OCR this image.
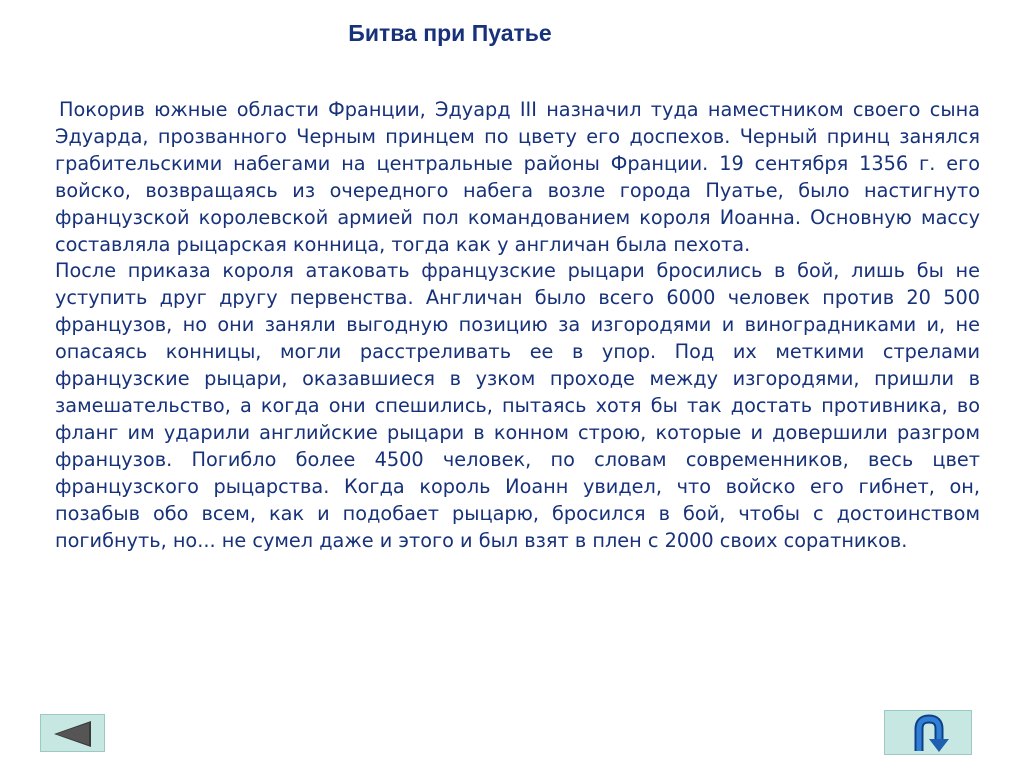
Битва при Пуатье

Покорив южные области Франции, Эдуард III назначил туда наместником своего сына Эдуарда, прозванного Черным принцем по цвету его доспехов. Черный принц занялся грабительскими набегами на центральные районы Франции. 19 сентября 1356 г. его войско, возвращаясь из очередного набега возле города Пуатье, было настигнуто французской королевской армией пол командованием короля Иоанна. Основную массу составляла рыцарская конница, тогда как у англичан была пехота.

После приказа короля атаковать французские рыцари бросились в бой, лишь бы не уступить друг другу первенства. Англичан было всего 6000 человек против 20 500 французов, но они заняли выгодную позицию за изгородями и виноградниками и, не опасаясь конницы, могли расстреливать ее в упор. Под их меткими стрелами французские рыцари, оказавшиеся в узком проходе между изгородями, пришли в замешательство, а когда они спешились, пытаясь хотя бы так достать противника, во фланг им ударили английские рыцари в конном строю, которые и довершили разгром французов. Погибло более 4500 человек, по словам современников, весь цвет французского рыцарства. Когда король Иоанн увидел, что войско его гибнет, он, позабыв обо всем, как и подобает рыцарю, бросился в бой, чтобы с достоинством погибнуть, но... не сумел даже и этого и был взят в плен с 2000 своих соратников.
